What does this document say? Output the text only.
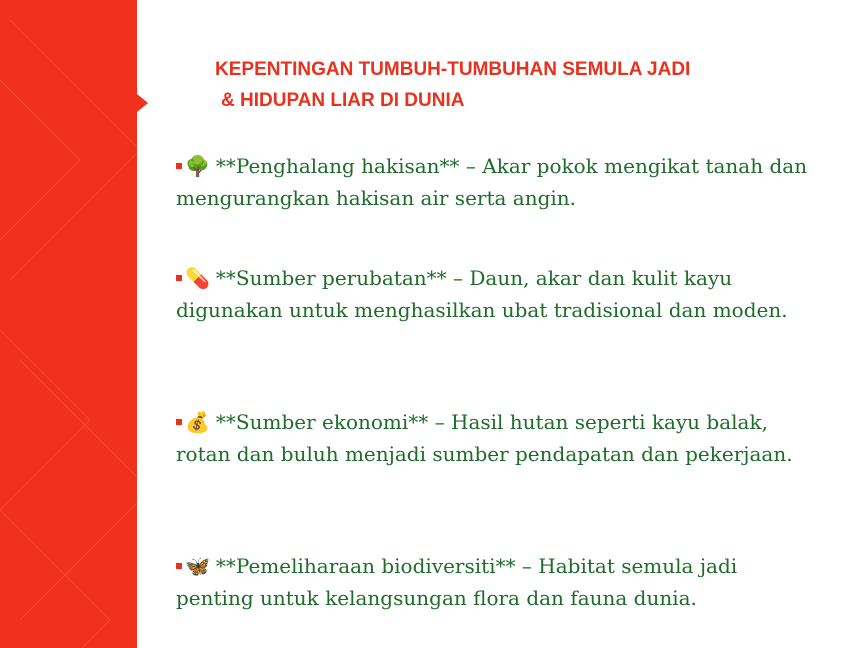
KEPENTINGAN TUMBUH-TUMBUHAN SEMULA JADI
& HIDUPAN LIAR DI DUNIA
🌳 **Penghalang hakisan** – Akar pokok mengikat tanah dan mengurangkan hakisan air serta angin.
💊 **Sumber perubatan** – Daun, akar dan kulit kayu digunakan untuk menghasilkan ubat tradisional dan moden.
💰 **Sumber ekonomi** – Hasil hutan seperti kayu balak, rotan dan buluh menjadi sumber pendapatan dan pekerjaan.
🦋 **Pemeliharaan biodiversiti** – Habitat semula jadi penting untuk kelangsungan flora dan fauna dunia.
